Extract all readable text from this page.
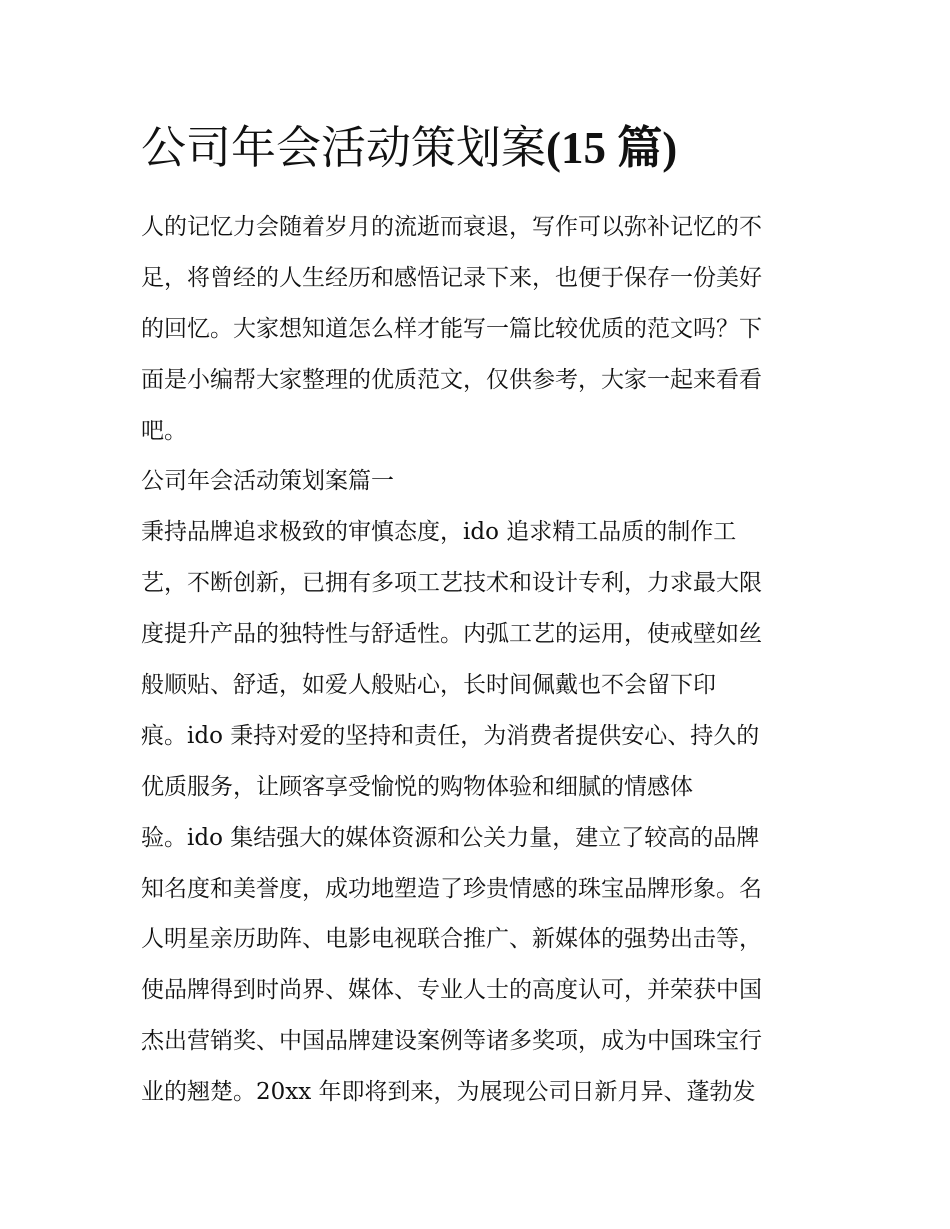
公司年会活动策划案(15 篇)
人的记忆力会随着岁月的流逝而衰退，写作可以弥补记忆的不
足，将曾经的人生经历和感悟记录下来，也便于保存一份美好
的回忆。大家想知道怎么样才能写一篇比较优质的范文吗？下
面是小编帮大家整理的优质范文，仅供参考，大家一起来看看
吧。
公司年会活动策划案篇一
秉持品牌追求极致的审慎态度，ido 追求精工品质的制作工
艺，不断创新，已拥有多项工艺技术和设计专利，力求最大限
度提升产品的独特性与舒适性。内弧工艺的运用，使戒壁如丝
般顺贴、舒适，如爱人般贴心，长时间佩戴也不会留下印
痕。ido 秉持对爱的坚持和责任，为消费者提供安心、持久的
优质服务，让顾客享受愉悦的购物体验和细腻的情感体
验。ido 集结强大的媒体资源和公关力量，建立了较高的品牌
知名度和美誉度，成功地塑造了珍贵情感的珠宝品牌形象。名
人明星亲历助阵、电影电视联合推广、新媒体的强势出击等，
使品牌得到时尚界、媒体、专业人士的高度认可，并荣获中国
杰出营销奖、中国品牌建设案例等诸多奖项，成为中国珠宝行
业的翘楚。20xx 年即将到来，为展现公司日新月异、蓬勃发
